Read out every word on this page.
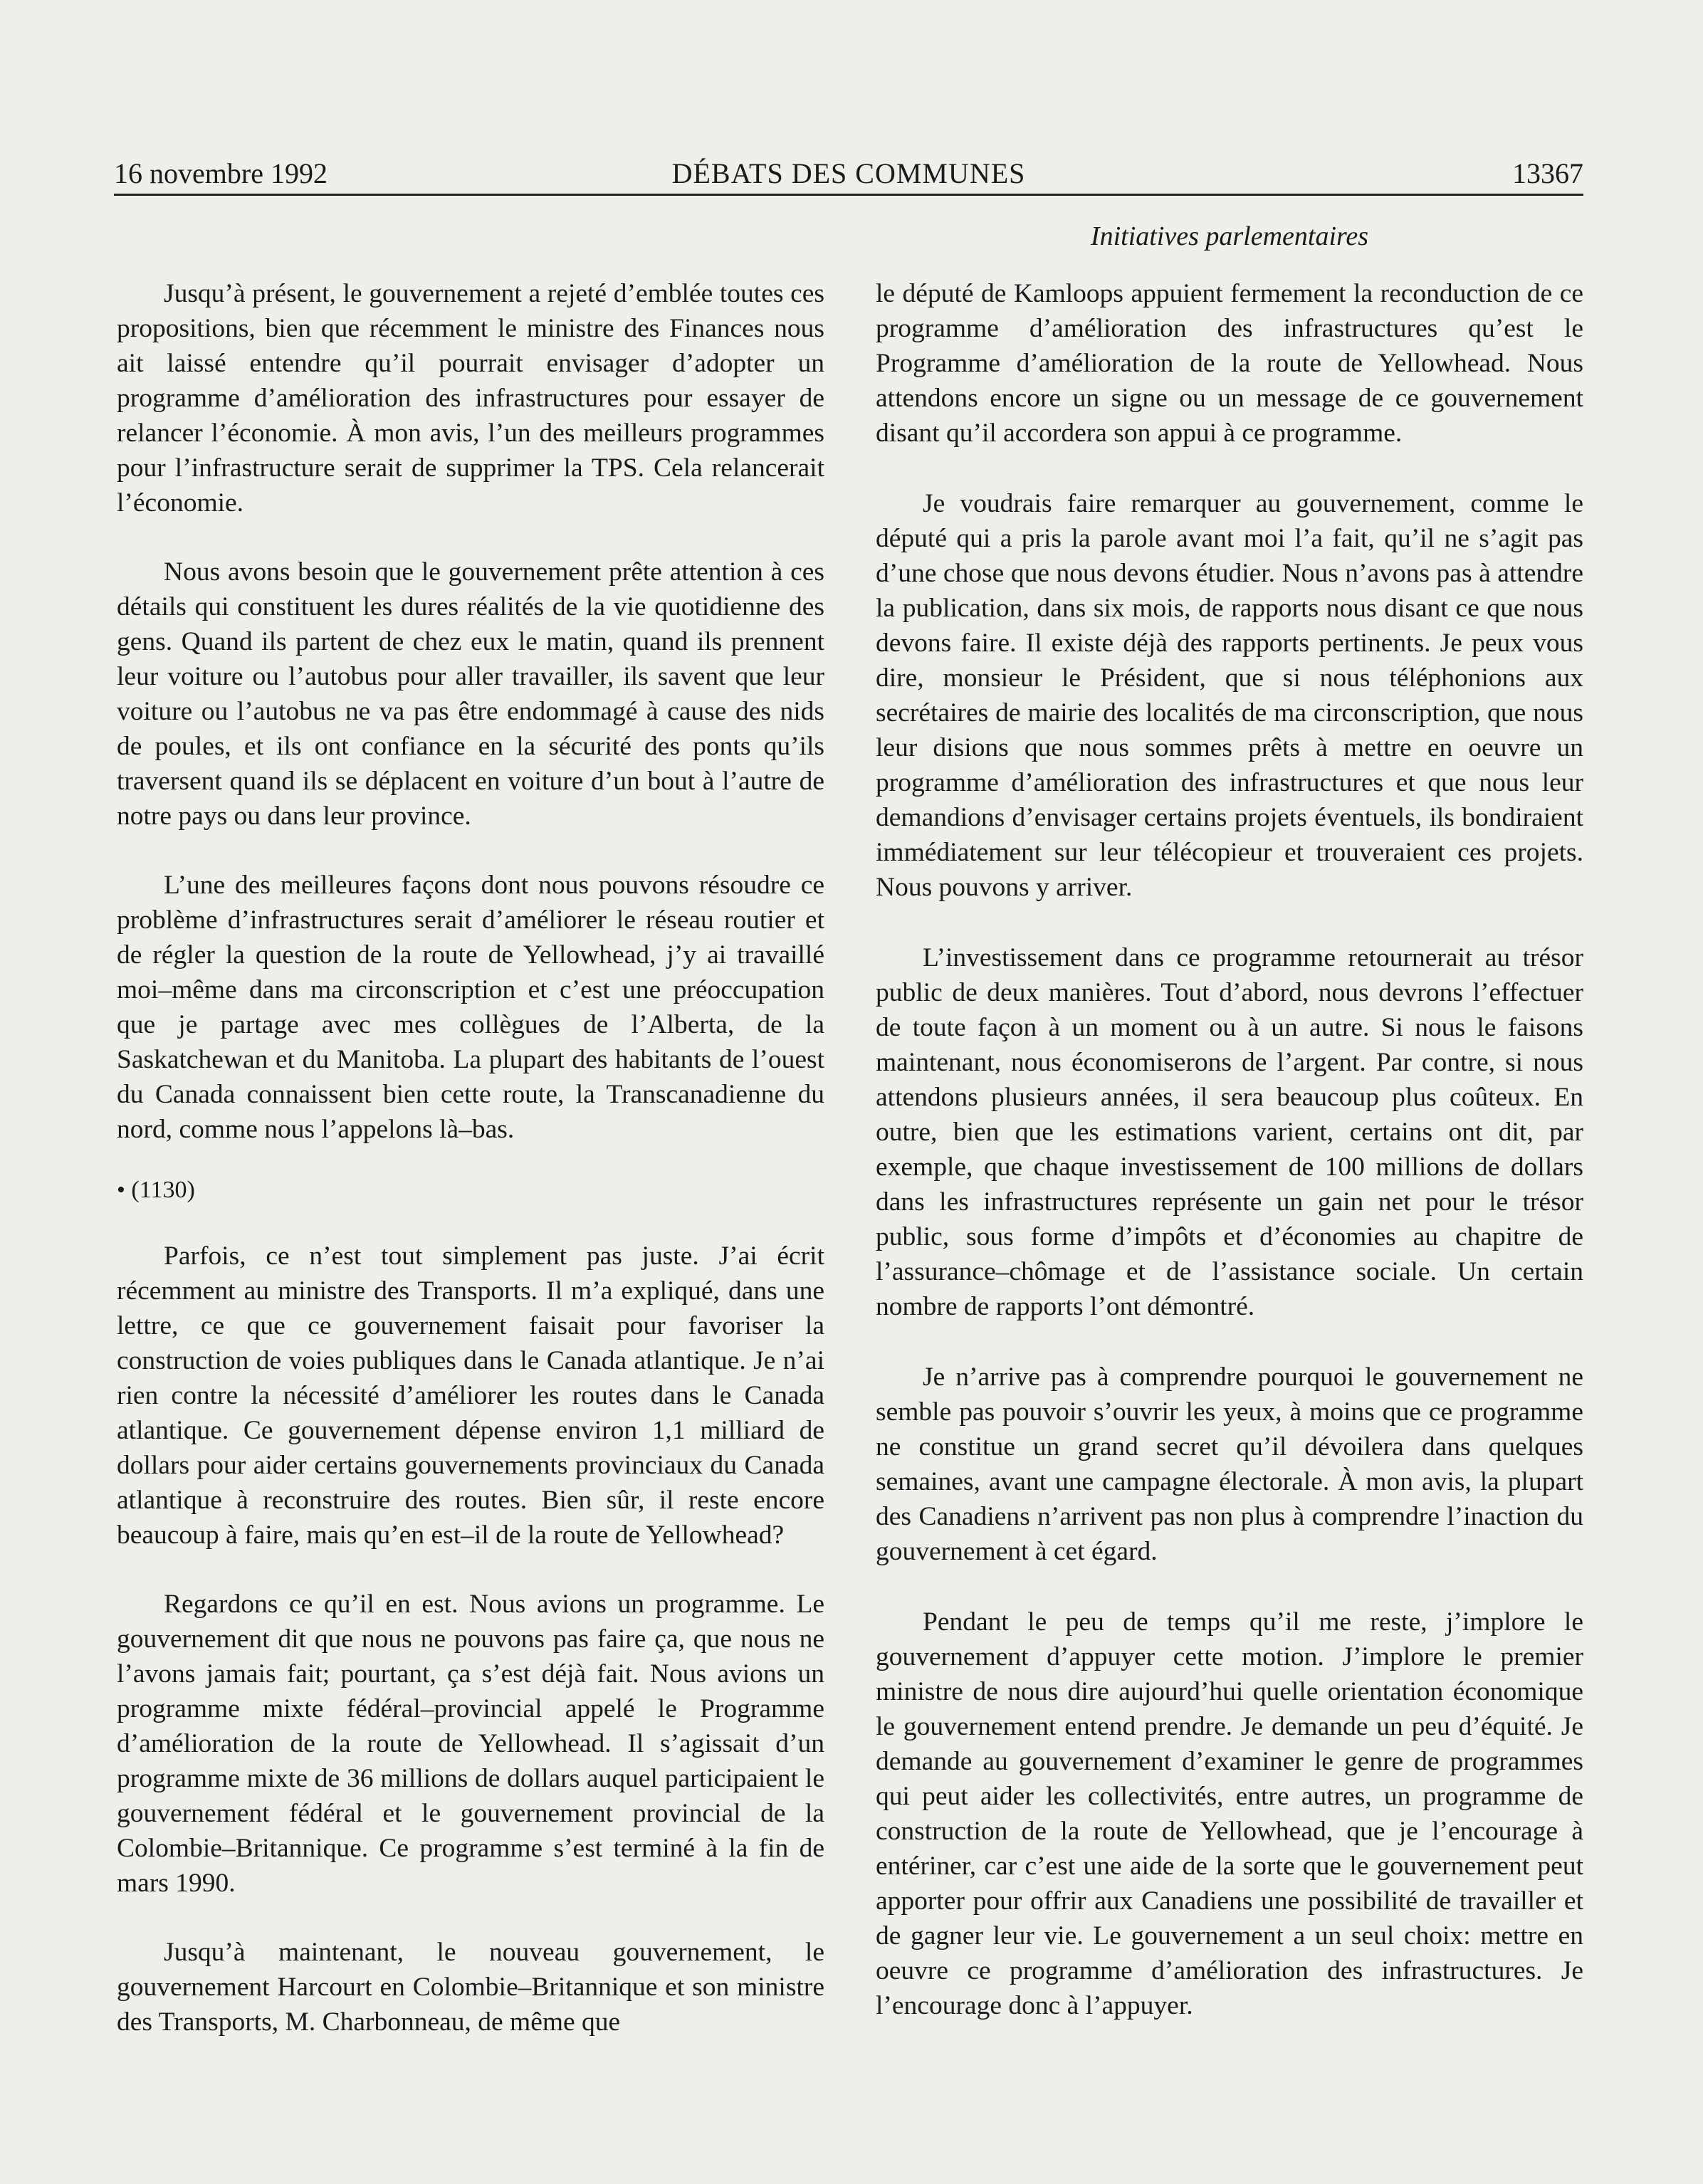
16 novembre 1992	DÉBATS DES COMMUNES	13367
Initiatives parlementaires

Jusqu’à présent, le gouvernement a rejeté d’emblée toutes ces propositions, bien que récemment le ministre des Finances nous ait laissé entendre qu’il pourrait envisager d’adopter un programme d’amélioration des infrastructures pour essayer de relancer l’économie. À mon avis, l’un des meilleurs programmes pour l’infrastructure serait de supprimer la TPS. Cela relancerait l’économie.

Nous avons besoin que le gouvernement prête attention à ces détails qui constituent les dures réalités de la vie quotidienne des gens. Quand ils partent de chez eux le matin, quand ils prennent leur voiture ou l’autobus pour aller travailler, ils savent que leur voiture ou l’autobus ne va pas être endommagé à cause des nids de poules, et ils ont confiance en la sécurité des ponts qu’ils traversent quand ils se déplacent en voiture d’un bout à l’autre de notre pays ou dans leur province.

L’une des meilleures façons dont nous pouvons résoudre ce problème d’infrastructures serait d’améliorer le réseau routier et de régler la question de la route de Yellowhead, j’y ai travaillé moi–même dans ma circonscription et c’est une préoccupation que je partage avec mes collègues de l’Alberta, de la Saskatchewan et du Manitoba. La plupart des habitants de l’ouest du Canada connaissent bien cette route, la Transcanadienne du nord, comme nous l’appelons là–bas.

• (1130)

Parfois, ce n’est tout simplement pas juste. J’ai écrit récemment au ministre des Transports. Il m’a expliqué, dans une lettre, ce que ce gouvernement faisait pour favoriser la construction de voies publiques dans le Canada atlantique. Je n’ai rien contre la nécessité d’améliorer les routes dans le Canada atlantique. Ce gouvernement dépense environ 1,1 milliard de dollars pour aider certains gouvernements provinciaux du Canada atlantique à reconstruire des routes. Bien sûr, il reste encore beaucoup à faire, mais qu’en est–il de la route de Yellowhead?

Regardons ce qu’il en est. Nous avions un programme. Le gouvernement dit que nous ne pouvons pas faire ça, que nous ne l’avons jamais fait; pourtant, ça s’est déjà fait. Nous avions un programme mixte fédéral–provincial appelé le Programme d’amélioration de la route de Yellowhead. Il s’agissait d’un programme mixte de 36 millions de dollars auquel participaient le gouvernement fédéral et le gouvernement provincial de la Colombie–Britannique. Ce programme s’est terminé à la fin de mars 1990.

Jusqu’à maintenant, le nouveau gouvernement, le gouvernement Harcourt en Colombie–Britannique et son ministre des Transports, M. Charbonneau, de même que

le député de Kamloops appuient fermement la reconduction de ce programme d’amélioration des infrastructures qu’est le Programme d’amélioration de la route de Yellowhead. Nous attendons encore un signe ou un message de ce gouvernement disant qu’il accordera son appui à ce programme.

Je voudrais faire remarquer au gouvernement, comme le député qui a pris la parole avant moi l’a fait, qu’il ne s’agit pas d’une chose que nous devons étudier. Nous n’avons pas à attendre la publication, dans six mois, de rapports nous disant ce que nous devons faire. Il existe déjà des rapports pertinents. Je peux vous dire, monsieur le Président, que si nous téléphonions aux secrétaires de mairie des localités de ma circonscription, que nous leur disions que nous sommes prêts à mettre en oeuvre un programme d’amélioration des infrastructures et que nous leur demandions d’envisager certains projets éventuels, ils bondiraient immédiatement sur leur télécopieur et trouveraient ces projets. Nous pouvons y arriver.

L’investissement dans ce programme retournerait au trésor public de deux manières. Tout d’abord, nous devrons l’effectuer de toute façon à un moment ou à un autre. Si nous le faisons maintenant, nous économiserons de l’argent. Par contre, si nous attendons plusieurs années, il sera beaucoup plus coûteux. En outre, bien que les estimations varient, certains ont dit, par exemple, que chaque investissement de 100 millions de dollars dans les infrastructures représente un gain net pour le trésor public, sous forme d’impôts et d’économies au chapitre de l’assurance–chômage et de l’assistance sociale. Un certain nombre de rapports l’ont démontré.

Je n’arrive pas à comprendre pourquoi le gouvernement ne semble pas pouvoir s’ouvrir les yeux, à moins que ce programme ne constitue un grand secret qu’il dévoilera dans quelques semaines, avant une campagne électorale. À mon avis, la plupart des Canadiens n’arrivent pas non plus à comprendre l’inaction du gouvernement à cet égard.

Pendant le peu de temps qu’il me reste, j’implore le gouvernement d’appuyer cette motion. J’implore le premier ministre de nous dire aujourd’hui quelle orientation économique le gouvernement entend prendre. Je demande un peu d’équité. Je demande au gouvernement d’examiner le genre de programmes qui peut aider les collectivités, entre autres, un programme de construction de la route de Yellowhead, que je l’encourage à entériner, car c’est une aide de la sorte que le gouvernement peut apporter pour offrir aux Canadiens une possibilité de travailler et de gagner leur vie. Le gouvernement a un seul choix: mettre en oeuvre ce programme d’amélioration des infrastructures. Je l’encourage donc à l’appuyer.
